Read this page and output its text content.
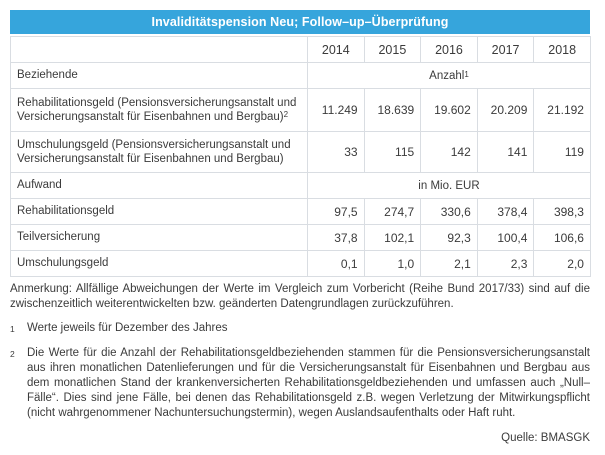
Invaliditätspension Neu; Follow–up–Überprüfung
	2014	2015	2016	2017	2018
Beziehende	Anzahl$^1$
Rehabilitationsgeld (Pensionsversicherungsanstalt und Versicherungsanstalt für Eisenbahnen und Bergbau)$^2$	11.249	18.639	19.602	20.209	21.192
Umschulungsgeld (Pensionsversicherungsanstalt und Versicherungsanstalt für Eisenbahnen und Bergbau)	33	115	142	141	119
Aufwand	in Mio. EUR				
Rehabilitationsgeld	97,5	274,7	330,6	378,4	398,3
Teilversicherung	37,8	102,1	92,3	100,4	106,6
Umschulungsgeld	0,1	1,0	2,1	2,3	2,0

Anmerkung: Allfällige Abweichungen der Werte im Vergleich zum Vorbericht (Reihe Bund 2017/33) sind auf die zwischenzeitlich weiterentwickelten bzw. geänderten Datengrundlagen zurückzuführen.

1	Werte jeweils für Dezember des Jahres
2	Die Werte für die Anzahl der Rehabilitationsgeldbeziehenden stammen für die Pensionsversicherungsanstalt aus ihren monatlichen Datenlieferungen und für die Versicherungsanstalt für Eisenbahnen und Bergbau aus dem monatlichen Stand der krankenversicherten Rehabilitationsgeldbeziehenden und umfassen auch „Null–Fälle“. Dies sind jene Fälle, bei denen das Rehabilitationsgeld z.B. wegen Verletzung der Mitwirkungspflicht (nicht wahrgenommener Nachuntersuchungstermin), wegen Auslandsaufenthalts oder Haft ruht.
Quelle: BMASGK
